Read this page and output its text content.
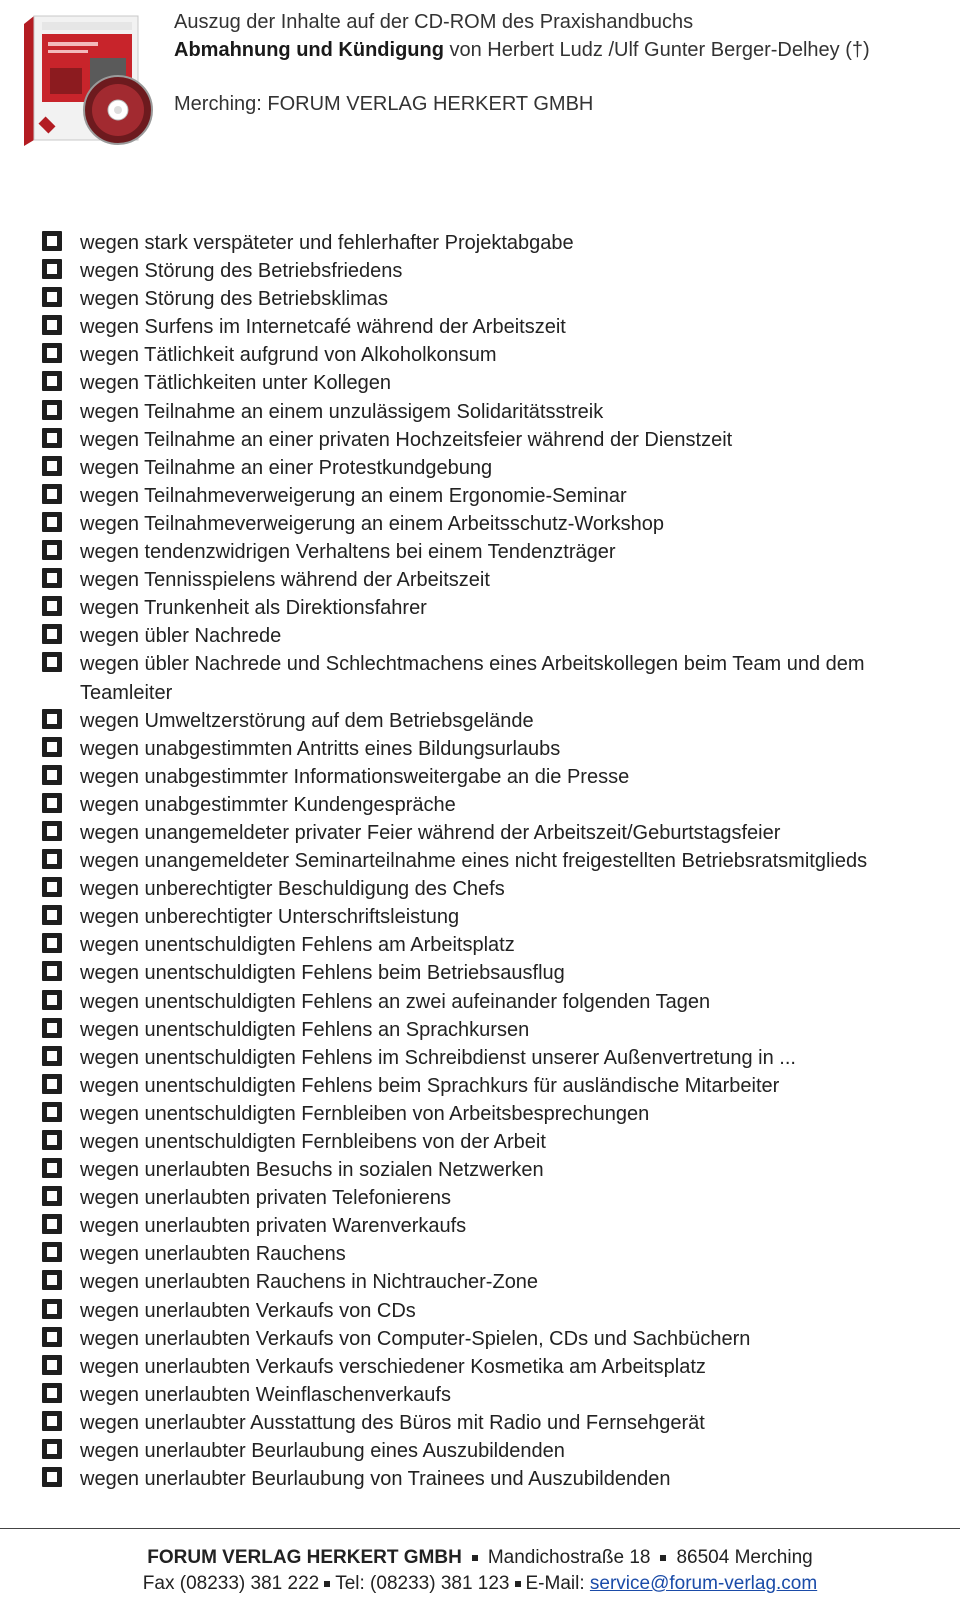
Auszug der Inhalte auf der CD-ROM des Praxishandbuchs
Abmahnung und Kündigung von Herbert Ludz /Ulf Gunter Berger-Delhey (†)
Merching: FORUM VERLAG HERKERT GMBH
wegen stark verspäteter und fehlerhafter Projektabgabe
wegen Störung des Betriebsfriedens
wegen Störung des Betriebsklimas
wegen Surfens im Internetcafé während der Arbeitszeit
wegen Tätlichkeit aufgrund von Alkoholkonsum
wegen Tätlichkeiten unter Kollegen
wegen Teilnahme an einem unzulässigem Solidaritätsstreik
wegen Teilnahme an einer privaten Hochzeitsfeier während der Dienstzeit
wegen Teilnahme an einer Protestkundgebung
wegen Teilnahmeverweigerung an einem Ergonomie-Seminar
wegen Teilnahmeverweigerung an einem Arbeitsschutz-Workshop
wegen tendenzwidrigen Verhaltens bei einem Tendenzträger
wegen Tennisspielens während der Arbeitszeit
wegen Trunkenheit als Direktionsfahrer
wegen übler Nachrede
wegen übler Nachrede und Schlechtmachens eines Arbeitskollegen beim Team und dem Teamleiter
wegen Umweltzerstörung auf dem Betriebsgelände
wegen unabgestimmten Antritts eines Bildungsurlaubs
wegen unabgestimmter Informationsweitergabe an die Presse
wegen unabgestimmter Kundengespräche
wegen unangemeldeter privater Feier während der Arbeitszeit/Geburtstagsfeier
wegen unangemeldeter Seminarteilnahme eines nicht freigestellten Betriebsratsmitglieds
wegen unberechtigter Beschuldigung des Chefs
wegen unberechtigter Unterschriftsleistung
wegen unentschuldigten Fehlens am Arbeitsplatz
wegen unentschuldigten Fehlens beim Betriebsausflug
wegen unentschuldigten Fehlens an zwei aufeinander folgenden Tagen
wegen unentschuldigten Fehlens an Sprachkursen
wegen unentschuldigten Fehlens im Schreibdienst unserer Außenvertretung in ...
wegen unentschuldigten Fehlens beim Sprachkurs für ausländische Mitarbeiter
wegen unentschuldigten Fernbleiben von Arbeitsbesprechungen
wegen unentschuldigten Fernbleibens von der Arbeit
wegen unerlaubten Besuchs in sozialen Netzwerken
wegen unerlaubten privaten Telefonierens
wegen unerlaubten privaten Warenverkaufs
wegen unerlaubten Rauchens
wegen unerlaubten Rauchens in Nichtraucher-Zone
wegen unerlaubten Verkaufs von CDs
wegen unerlaubten Verkaufs von Computer-Spielen, CDs und Sachbüchern
wegen unerlaubten Verkaufs verschiedener Kosmetika am Arbeitsplatz
wegen unerlaubten Weinflaschenverkaufs
wegen unerlaubter Ausstattung des Büros mit Radio und Fernsehgerät
wegen unerlaubter Beurlaubung eines Auszubildenden
wegen unerlaubter Beurlaubung von Trainees und Auszubildenden
FORUM VERLAG HERKERT GMBH Mandichostraße 18 86504 Merching
Fax (08233) 381 222 Tel: (08233) 381 123 E-Mail: service@forum-verlag.com
